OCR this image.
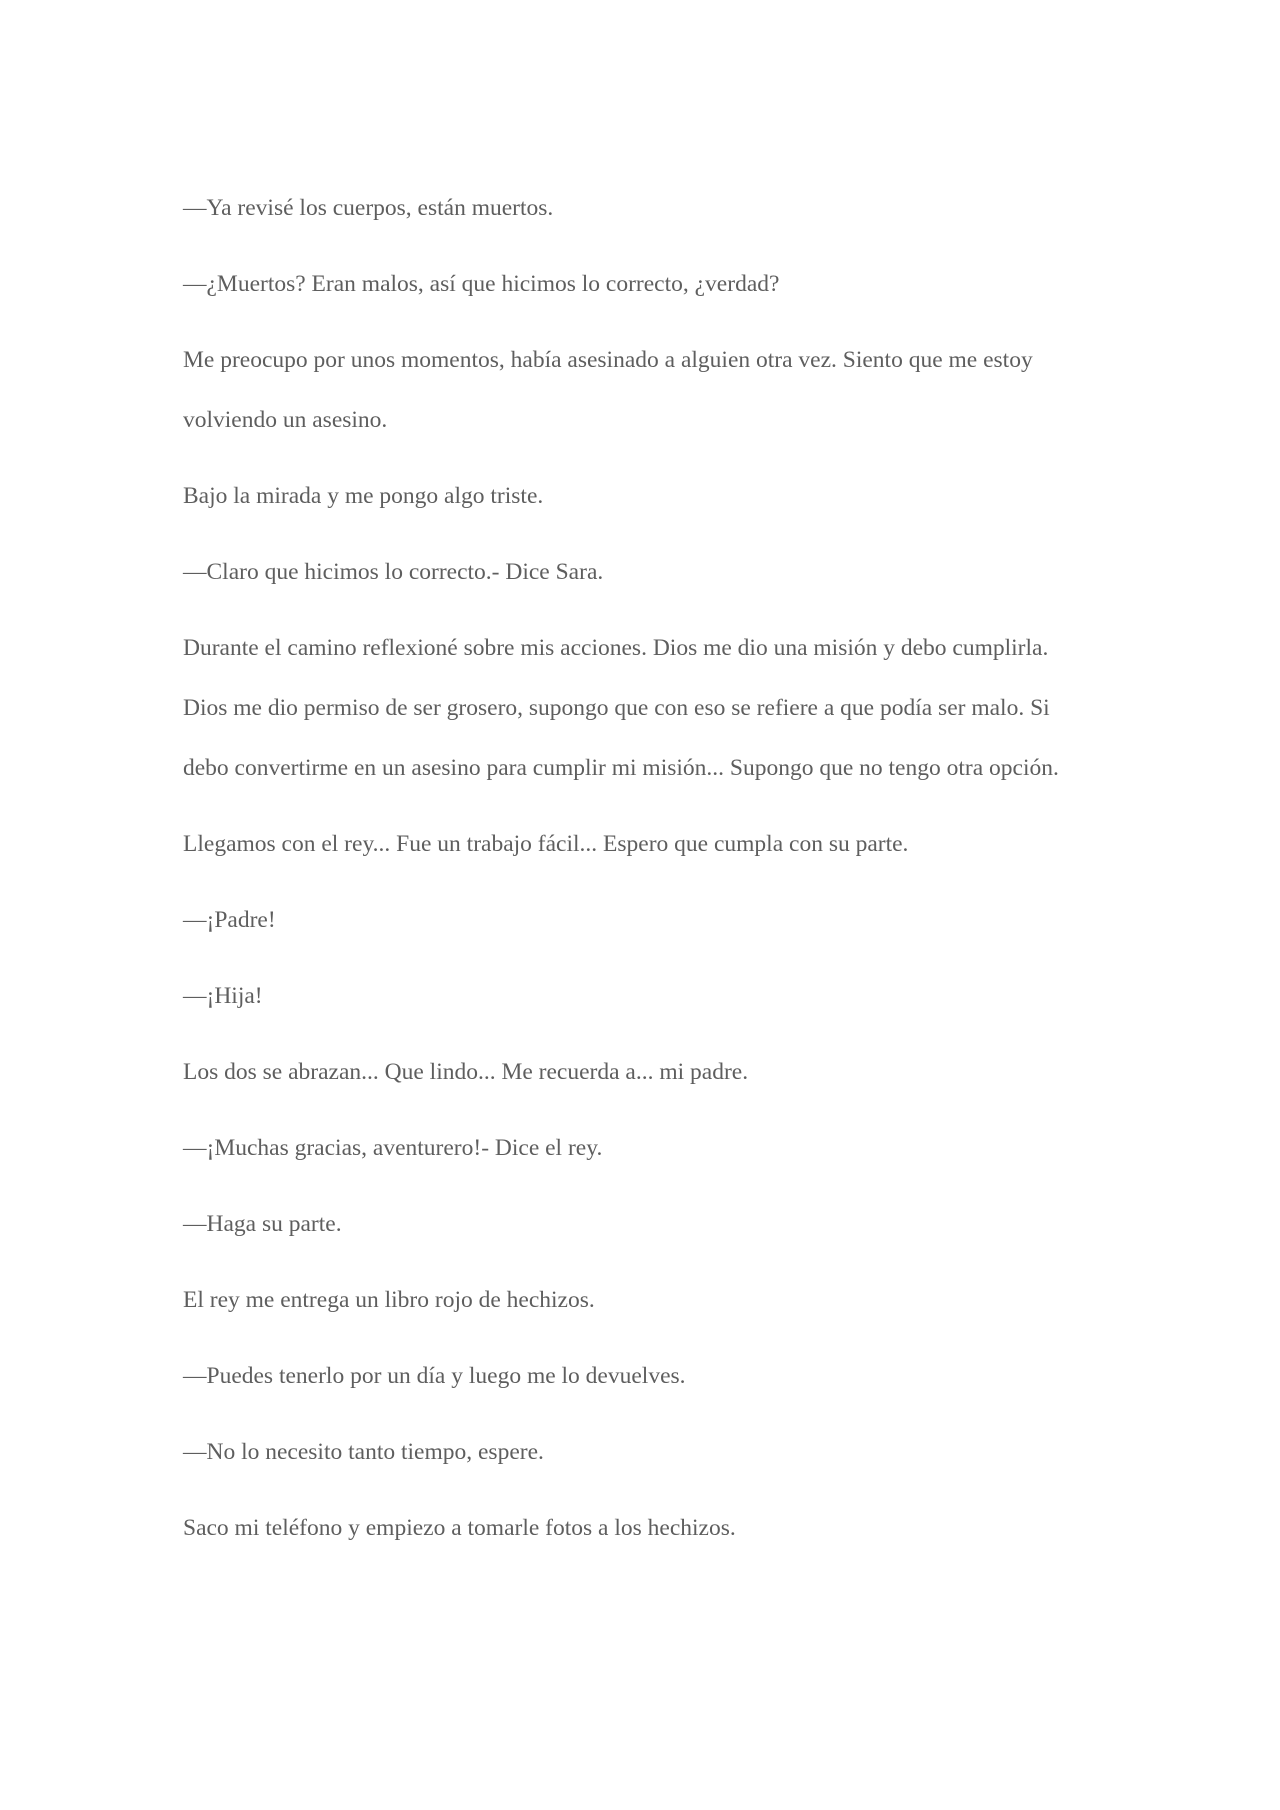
—Ya revisé los cuerpos, están muertos.

—¿Muertos? Eran malos, así que hicimos lo correcto, ¿verdad?

Me preocupo por unos momentos, había asesinado a alguien otra vez. Siento que me estoy volviendo un asesino.

Bajo la mirada y me pongo algo triste.

—Claro que hicimos lo correcto.- Dice Sara.

Durante el camino reflexioné sobre mis acciones. Dios me dio una misión y debo cumplirla. Dios me dio permiso de ser grosero, supongo que con eso se refiere a que podía ser malo. Si debo convertirme en un asesino para cumplir mi misión... Supongo que no tengo otra opción.

Llegamos con el rey... Fue un trabajo fácil... Espero que cumpla con su parte.

—¡Padre!

—¡Hija!

Los dos se abrazan... Que lindo... Me recuerda a... mi padre.

—¡Muchas gracias, aventurero!- Dice el rey.

—Haga su parte.

El rey me entrega un libro rojo de hechizos.

—Puedes tenerlo por un día y luego me lo devuelves.

—No lo necesito tanto tiempo, espere.

Saco mi teléfono y empiezo a tomarle fotos a los hechizos.
